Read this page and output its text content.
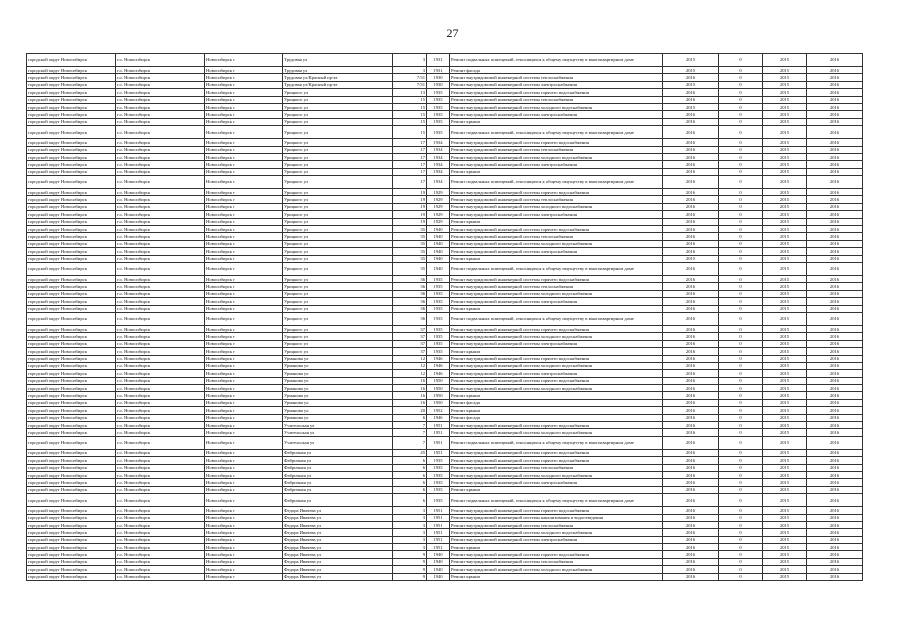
27
городской округ Новосибирск	г.о. Новосибирск	Новосибирск г	Трудовая ул	3	1931	Ремонт подвальных помещений, относящихся к общему имуществу в многоквартирном доме	2015	0	2015	2016
городской округ Новосибирск	г.о. Новосибирск	Новосибирск г	Трудовая ул	3	1931	Ремонт фасада	2015	0	2015	2016
городской округ Новосибирск	г.о. Новосибирск	Новосибирск г	Трудовая ул/Красный пр-кт	7/31	1930	Ремонт внутридомовой инженерной системы теплоснабжения	2016	0	2015	2016
городской округ Новосибирск	г.о. Новосибирск	Новосибирск г	Трудовая ул/Красный пр-кт	7/31	1930	Ремонт внутридомовой инженерной системы электроснабжения	2015	0	2015	2016
городской округ Новосибирск	г.о. Новосибирск	Новосибирск г	Урицкого ул	13	1935	Ремонт внутридомовой инженерной системы горячего водоснабжения	2016	0	2015	2016
городской округ Новосибирск	г.о. Новосибирск	Новосибирск г	Урицкого ул	15	1935	Ремонт внутридомовой инженерной системы теплоснабжения	2016	0	2015	2016
городской округ Новосибирск	г.о. Новосибирск	Новосибирск г	Урицкого ул	15	1935	Ремонт внутридомовой инженерной системы холодного водоснабжения	2015	0	2015	2016
городской округ Новосибирск	г.о. Новосибирск	Новосибирск г	Урицкого ул	15	1935	Ремонт внутридомовой инженерной системы электроснабжения	2016	0	2015	2016
городской округ Новосибирск	г.о. Новосибирск	Новосибирск г	Урицкого ул	15	1935	Ремонт крыши	2016	0	2015	2016
городской округ Новосибирск	г.о. Новосибирск	Новосибирск г	Урицкого ул	15	1935	Ремонт подвальных помещений, относящихся к общему имуществу в многоквартирном доме	2016	0	2015	2016
городской округ Новосибирск	г.о. Новосибирск	Новосибирск г	Урицкого ул	17	1934	Ремонт внутридомовой инженерной системы горячего водоснабжения	2016	0	2015	2016
городской округ Новосибирск	г.о. Новосибирск	Новосибирск г	Урицкого ул	17	1934	Ремонт внутридомовой инженерной системы теплоснабжения	2016	0	2015	2016
городской округ Новосибирск	г.о. Новосибирск	Новосибирск г	Урицкого ул	17	1934	Ремонт внутридомовой инженерной системы холодного водоснабжения	2016	0	2015	2016
городской округ Новосибирск	г.о. Новосибирск	Новосибирск г	Урицкого ул	17	1934	Ремонт внутридомовой инженерной системы электроснабжения	2016	0	2015	2016
городской округ Новосибирск	г.о. Новосибирск	Новосибирск г	Урицкого ул	17	1934	Ремонт крыши	2016	0	2015	2016
городской округ Новосибирск	г.о. Новосибирск	Новосибирск г	Урицкого ул	17	1934	Ремонт подвальных помещений, относящихся к общему имуществу в многоквартирном доме	2016	0	2015	2016
городской округ Новосибирск	г.о. Новосибирск	Новосибирск г	Урицкого ул	19	1929	Ремонт внутридомовой инженерной системы горячего водоснабжения	2016	0	2015	2016
городской округ Новосибирск	г.о. Новосибирск	Новосибирск г	Урицкого ул	19	1929	Ремонт внутридомовой инженерной системы теплоснабжения	2016	0	2015	2016
городской округ Новосибирск	г.о. Новосибирск	Новосибирск г	Урицкого ул	19	1929	Ремонт внутридомовой инженерной системы холодного водоснабжения	2016	0	2015	2016
городской округ Новосибирск	г.о. Новосибирск	Новосибирск г	Урицкого ул	19	1929	Ремонт внутридомовой инженерной системы электроснабжения	2016	0	2015	2016
городской округ Новосибирск	г.о. Новосибирск	Новосибирск г	Урицкого ул	19	1929	Ремонт крыши	2016	0	2015	2016
городской округ Новосибирск	г.о. Новосибирск	Новосибирск г	Урицкого ул	35	1940	Ремонт внутридомовой инженерной системы горячего водоснабжения	2016	0	2015	2016
городской округ Новосибирск	г.о. Новосибирск	Новосибирск г	Урицкого ул	35	1940	Ремонт внутридомовой инженерной системы теплоснабжения	2016	0	2015	2016
городской округ Новосибирск	г.о. Новосибирск	Новосибирск г	Урицкого ул	35	1940	Ремонт внутридомовой инженерной системы холодного водоснабжения	2016	0	2015	2016
городской округ Новосибирск	г.о. Новосибирск	Новосибирск г	Урицкого ул	35	1940	Ремонт внутридомовой инженерной системы электроснабжения	2016	0	2015	2016
городской округ Новосибирск	г.о. Новосибирск	Новосибирск г	Урицкого ул	35	1940	Ремонт крыши	2015	0	2015	2016
городской округ Новосибирск	г.о. Новосибирск	Новосибирск г	Урицкого ул	35	1940	Ремонт подвальных помещений, относящихся к общему имуществу в многоквартирном доме	2016	0	2015	2016
городской округ Новосибирск	г.о. Новосибирск	Новосибирск г	Урицкого ул	36	1935	Ремонт внутридомовой инженерной системы горячего водоснабжения	2016	0	2015	2016
городской округ Новосибирск	г.о. Новосибирск	Новосибирск г	Урицкого ул	36	1935	Ремонт внутридомовой инженерной системы теплоснабжения	2016	0	2015	2016
городской округ Новосибирск	г.о. Новосибирск	Новосибирск г	Урицкого ул	36	1935	Ремонт внутридомовой инженерной системы холодного водоснабжения	2016	0	2015	2016
городской округ Новосибирск	г.о. Новосибирск	Новосибирск г	Урицкого ул	36	1935	Ремонт внутридомовой инженерной системы электроснабжения	2016	0	2015	2016
городской округ Новосибирск	г.о. Новосибирск	Новосибирск г	Урицкого ул	36	1935	Ремонт крыши	2016	0	2015	2016
городской округ Новосибирск	г.о. Новосибирск	Новосибирск г	Урицкого ул	36	1935	Ремонт подвальных помещений, относящихся к общему имуществу в многоквартирном доме	2016	0	2015	2016
городской округ Новосибирск	г.о. Новосибирск	Новосибирск г	Урицкого ул	37	1935	Ремонт внутридомовой инженерной системы горячего водоснабжения	2016	0	2015	2016
городской округ Новосибирск	г.о. Новосибирск	Новосибирск г	Урицкого ул	37	1935	Ремонт внутридомовой инженерной системы холодного водоснабжения	2016	0	2015	2016
городской округ Новосибирск	г.о. Новосибирск	Новосибирск г	Урицкого ул	37	1935	Ремонт внутридомовой инженерной системы электроснабжения	2016	0	2015	2016
городской округ Новосибирск	г.о. Новосибирск	Новосибирск г	Урицкого ул	37	1935	Ремонт крыши	2016	0	2015	2016
городской округ Новосибирск	г.о. Новосибирск	Новосибирск г	Урманова ул	12	1946	Ремонт внутридомовой инженерной системы горячего водоснабжения	2016	0	2015	2016
городской округ Новосибирск	г.о. Новосибирск	Новосибирск г	Урманова ул	12	1946	Ремонт внутридомовой инженерной системы холодного водоснабжения	2016	0	2015	2016
городской округ Новосибирск	г.о. Новосибирск	Новосибирск г	Урманова ул	12	1946	Ремонт внутридомовой инженерной системы электроснабжения	2016	0	2015	2016
городской округ Новосибирск	г.о. Новосибирск	Новосибирск г	Урманова ул	16	1950	Ремонт внутридомовой инженерной системы горячего водоснабжения	2016	0	2015	2016
городской округ Новосибирск	г.о. Новосибирск	Новосибирск г	Урманова ул	16	1950	Ремонт внутридомовой инженерной системы холодного водоснабжения	2016	0	2015	2016
городской округ Новосибирск	г.о. Новосибирск	Новосибирск г	Урманова ул	16	1950	Ремонт крыши	2016	0	2015	2016
городской округ Новосибирск	г.о. Новосибирск	Новосибирск г	Урманова ул	16	1950	Ремонт фасада	2016	0	2015	2016
городской округ Новосибирск	г.о. Новосибирск	Новосибирск г	Урманова ул	20	1952	Ремонт крыши	2016	0	2015	2016
городской округ Новосибирск	г.о. Новосибирск	Новосибирск г	Урманова ул	6	1946	Ремонт фасада	2016	0	2015	2016
городской округ Новосибирск	г.о. Новосибирск	Новосибирск г	Учительская ул	7	1951	Ремонт внутридомовой инженерной системы горячего водоснабжения	2016	0	2015	2016
городской округ Новосибирск	г.о. Новосибирск	Новосибирск г	Учительская ул	7	1951	Ремонт внутридомовой инженерной системы холодного водоснабжения	2016	0	2015	2016
городской округ Новосибирск	г.о. Новосибирск	Новосибирск г	Учительская ул	7	1951	Ремонт подвальных помещений, относящихся к общему имуществу в многоквартирном доме	2016	0	2015	2016
городской округ Новосибирск	г.о. Новосибирск	Новосибирск г	Фабричная ул	45	1951	Ремонт внутридомовой инженерной системы горячего водоснабжения	2016	0	2015	2016
городской округ Новосибирск	г.о. Новосибирск	Новосибирск г	Фабричная ул	6	1935	Ремонт внутридомовой инженерной системы горячего водоснабжения	2016	0	2015	2016
городской округ Новосибирск	г.о. Новосибирск	Новосибирск г	Фабричная ул	6	1935	Ремонт внутридомовой инженерной системы теплоснабжения	2016	0	2015	2016
городской округ Новосибирск	г.о. Новосибирск	Новосибирск г	Фабричная ул	6	1935	Ремонт внутридомовой инженерной системы холодного водоснабжения	2016	0	2015	2016
городской округ Новосибирск	г.о. Новосибирск	Новосибирск г	Фабричная ул	6	1935	Ремонт внутридомовой инженерной системы электроснабжения	2016	0	2015	2016
городской округ Новосибирск	г.о. Новосибирск	Новосибирск г	Фабричная ул	6	1935	Ремонт крыши	2016	0	2015	2016
городской округ Новосибирск	г.о. Новосибирск	Новосибирск г	Фабричная ул	6	1935	Ремонт подвальных помещений, относящихся к общему имуществу в многоквартирном доме	2016	0	2015	2016
городской округ Новосибирск	г.о. Новосибирск	Новосибирск г	Федора Ивачева ул	3	1951	Ремонт внутридомовой инженерной системы горячего водоснабжения	2016	0	2015	2016
городской округ Новосибирск	г.о. Новосибирск	Новосибирск г	Федора Ивачева ул	3	1951	Ремонт внутридомовой инженерной системы канализования и водоотведения	2016	0	2015	2016
городской округ Новосибирск	г.о. Новосибирск	Новосибирск г	Федора Ивачева ул	3	1951	Ремонт внутридомовой инженерной системы теплоснабжения	2016	0	2015	2016
городской округ Новосибирск	г.о. Новосибирск	Новосибирск г	Федора Ивачева ул	3	1951	Ремонт внутридомовой инженерной системы холодного водоснабжения	2016	0	2015	2016
городской округ Новосибирск	г.о. Новосибирск	Новосибирск г	Федора Ивачева ул	3	1951	Ремонт внутридомовой инженерной системы электроснабжения	2016	0	2015	2016
городской округ Новосибирск	г.о. Новосибирск	Новосибирск г	Федора Ивачева ул	3	1951	Ремонт крыши	2016	0	2015	2016
городской округ Новосибирск	г.о. Новосибирск	Новосибирск г	Федора Ивачева ул	9	1940	Ремонт внутридомовой инженерной системы горячего водоснабжения	2016	0	2015	2016
городской округ Новосибирск	г.о. Новосибирск	Новосибирск г	Федора Ивачева ул	9	1940	Ремонт внутридомовой инженерной системы теплоснабжения	2016	0	2015	2016
городской округ Новосибирск	г.о. Новосибирск	Новосибирск г	Федора Ивачева ул	9	1940	Ремонт внутридомовой инженерной системы холодного водоснабжения	2016	0	2015	2016
городской округ Новосибирск	г.о. Новосибирск	Новосибирск г	Федора Ивачева ул	9	1940	Ремонт крыши	2016	0	2015	2016
